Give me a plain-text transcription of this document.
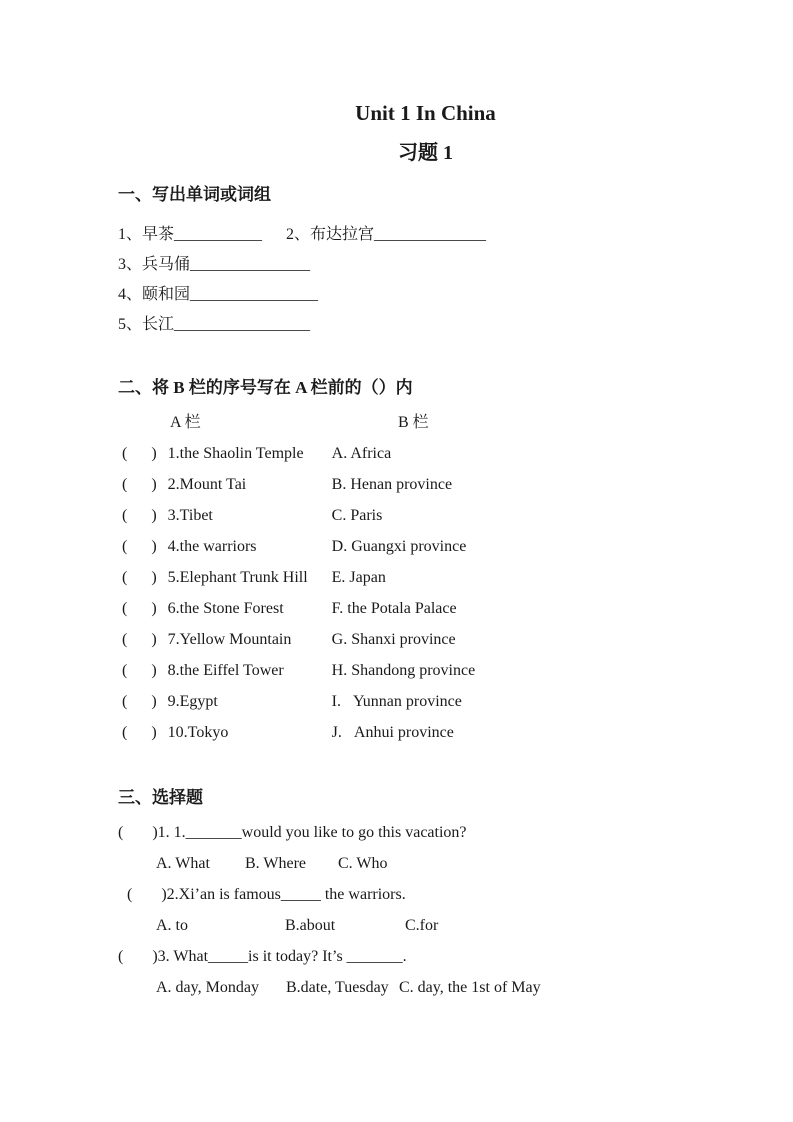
Unit 1 In China
习题 1
一、写出单词或词组
1、早茶___________ 2、布达拉宫______________
3、兵马俑_______________
4、颐和园________________
5、长江_________________
二、将 B 栏的序号写在 A 栏前的（）内
A 栏	B 栏
( ) 1.the Shaolin Temple	A. Africa
( ) 2.Mount Tai	B. Henan province
( ) 3.Tibet	C. Paris
( ) 4.the warriors	D. Guangxi province
( ) 5.Elephant Trunk Hill	E. Japan
( ) 6.the Stone Forest	F. the Potala Palace
( ) 7.Yellow Mountain	G. Shanxi province
( ) 8.the Eiffel Tower	H. Shandong province
( ) 9.Egypt	I.   Yunnan province
( ) 10.Tokyo	J.   Anhui province
三、选择题
( )1. 1._______would you like to go this vacation?
A. What B. Where C. Who
( )2.Xi’an is famous_____ the warriors.
A. to	B.about	C.for
( )3. What_____is it today? It’s _______.
A. day, Monday B.date, Tuesday C. day, the 1st of May
